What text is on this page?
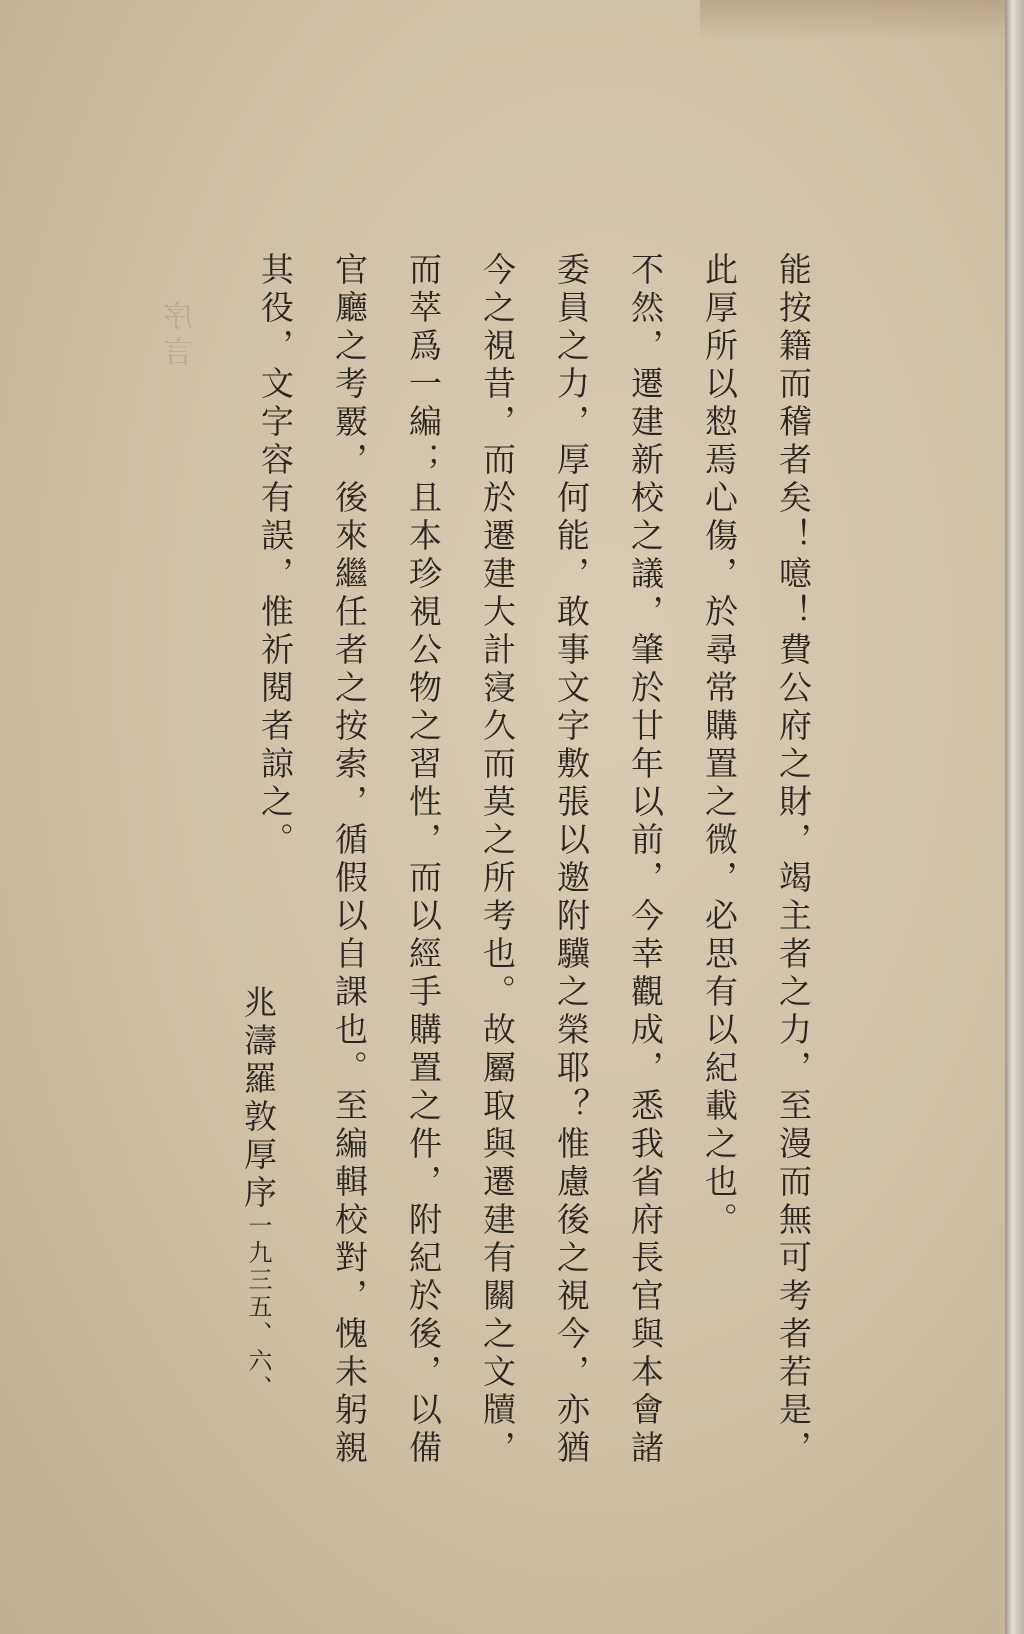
序言	能按籍而稽者矣！噫！費公府之財，竭主者之力，至漫而無可考者若是，此厚所以愸焉心傷，於尋常購置之微，必思有以紀載之也。
不然，遷建新校之議，肇於廿年以前，今幸觀成，悉我省府長官與本會諸委員之力，厚何能，敢事文字敷張以邀附驥之榮耶？惟慮後之視今，亦猶今之視昔，而於遷建大計寖久而莫之所考也。故屬取與遷建有關之文牘，而萃爲一編；且本珍視公物之習性，而以經手購置之件，附紀於後，以備官廳之考覈，後來繼任者之按索，循假以自課也。至編輯校對，愧未躬親其役，文字容有誤，惟祈閱者諒之。
兆濤羅敦厚序一九三五、六、
